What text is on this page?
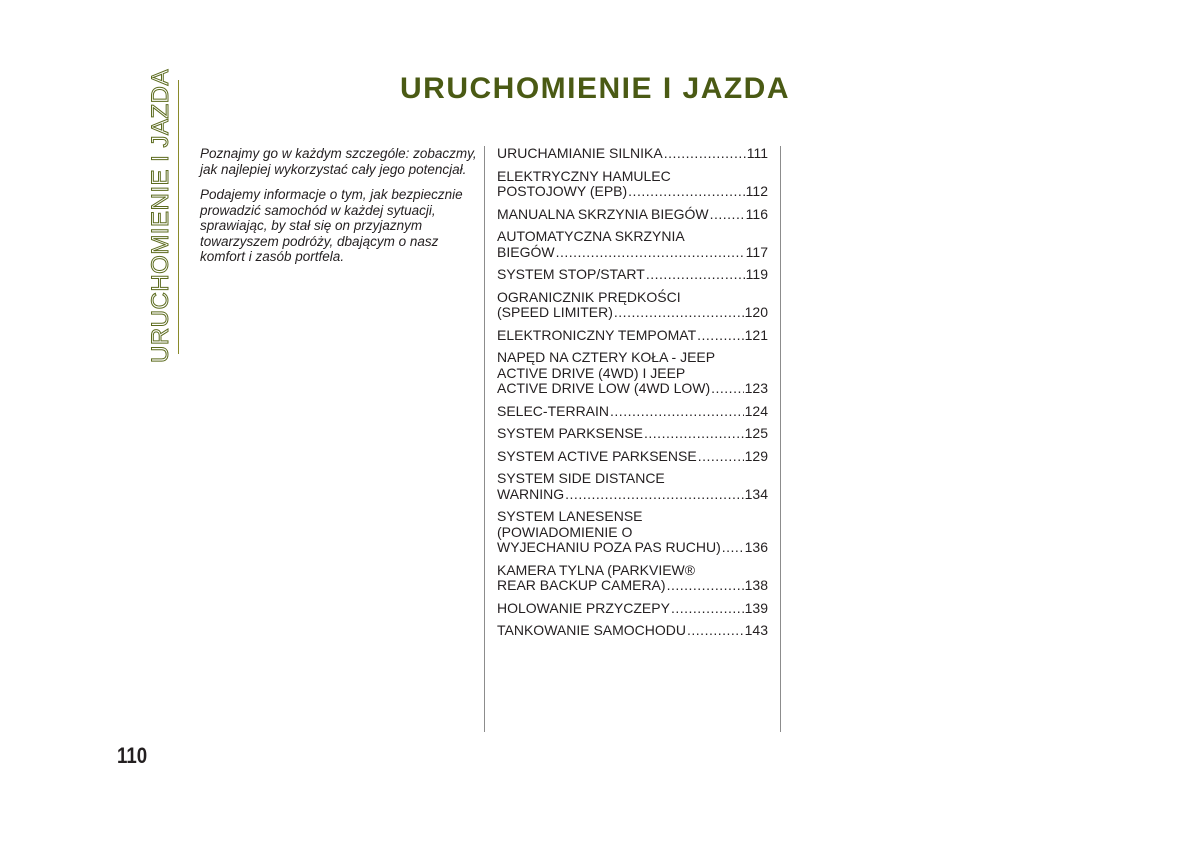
URUCHOMIENIE I JAZDA	URUCHOMIENIE I JAZDA

Poznajmy go w każdym szczególe: zobaczmy, jak najlepiej wykorzystać cały jego potencjał.

Podajemy informacje o tym, jak bezpiecznie prowadzić samochód w każdej sytuacji, sprawiając, by stał się on przyjaznym towarzyszem podróży, dbającym o nasz komfort i zasób portfela.

URUCHAMIANIE SILNIKA .....	111
ELEKTRYCZNY HAMULEC
POSTOJOWY (EPB) .....	112
MANUALNA SKRZYNIA BIEGÓW .....	116
AUTOMATYCZNA SKRZYNIA
BIEGÓW .....	117
SYSTEM STOP/START .....	119
OGRANICZNIK PRĘDKOŚCI
(SPEED LIMITER) .....	120
ELEKTRONICZNY TEMPOMAT .....	121
NAPĘD NA CZTERY KOŁA - JEEP
ACTIVE DRIVE (4WD) I JEEP
ACTIVE DRIVE LOW (4WD LOW) ..... 123
SELEC-TERRAIN .....	124
SYSTEM PARKSENSE .....	125
SYSTEM ACTIVE PARKSENSE .....	129
SYSTEM SIDE DISTANCE
WARNING .....	134
SYSTEM LANESENSE
(POWIADOMIENIE O
WYJECHANIU POZA PAS RUCHU) ..... 136
KAMERA TYLNA (PARKVIEW®
REAR BACKUP CAMERA) .....	138
HOLOWANIE PRZYCZEPY .....	139
TANKOWANIE SAMOCHODU .....	143
110
